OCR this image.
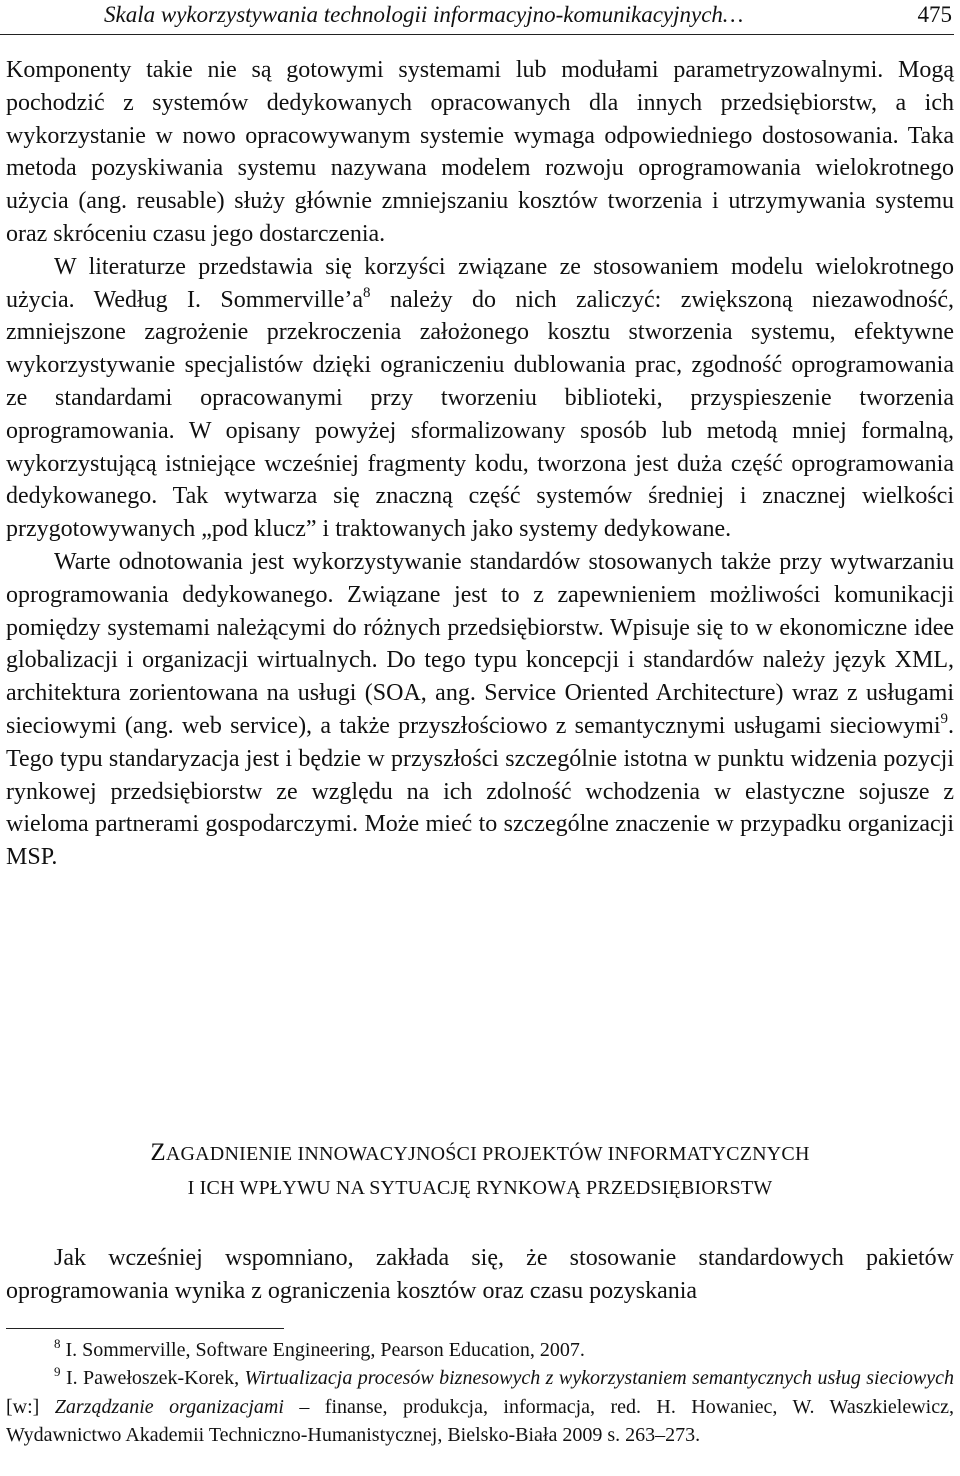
Skala wykorzystywania technologii informacyjno-komunikacyjnych…	475

Komponenty takie nie są gotowymi systemami lub modułami parametryzowalnymi. Mogą pochodzić z systemów dedykowanych opracowanych dla innych przedsiębiorstw, a ich wykorzystanie w nowo opracowywanym systemie wymaga odpowiedniego dostosowania. Taka metoda pozyskiwania systemu nazywana modelem rozwoju oprogramowania wielokrotnego użycia (ang. reusable) służy głównie zmniejszaniu kosztów tworzenia i utrzymywania systemu oraz skróceniu czasu jego dostarczenia.

W literaturze przedstawia się korzyści związane ze stosowaniem modelu wielokrotnego użycia. Według I. $Sommerville’a^8$ należy do nich zaliczyć: zwiększoną niezawodność, zmniejszone zagrożenie przekroczenia założonego kosztu stworzenia systemu, efektywne wykorzystywanie specjalistów dzięki ograniczeniu dublowania prac, zgodność oprogramowania ze standardami opracowanymi przy tworzeniu biblioteki, przyspieszenie tworzenia oprogramowania. W opisany powyżej sformalizowany sposób lub metodą mniej formalną, wykorzystującą istniejące wcześniej fragmenty kodu, tworzona jest duża część oprogramowania dedykowanego. Tak wytwarza się znaczną część systemów średniej i znacznej wielkości przygotowywanych „pod klucz” i traktowanych jako systemy dedykowane.

Warte odnotowania jest wykorzystywanie standardów stosowanych także przy wytwarzaniu oprogramowania dedykowanego. Związane jest to z zapewnieniem możliwości komunikacji pomiędzy systemami należącymi do różnych przedsiębiorstw. Wpisuje się to w ekonomiczne idee globalizacji i organizacji wirtualnych. Do tego typu koncepcji i standardów należy język XML, architektura zorientowana na usługi (SOA, ang. Service Oriented Architecture) wraz z usługami sieciowymi (ang. web service), a także przyszłościowo z semantycznymi usługami sieciowymi$^9$. Tego typu standaryzacja jest i będzie w przyszłości szczególnie istotna w punktu widzenia pozycji rynkowej przedsiębiorstw ze względu na ich zdolność wchodzenia w elastyczne sojusze z wieloma partnerami gospodarczymi. Może mieć to szczególne znaczenie w przypadku organizacji MSP.

ZAGADNIENIE INNOWACYJNOŚCI PROJEKTÓW INFORMATYCZNYCH
I ICH WPŁYWU NA SYTUACJĘ RYNKOWĄ PRZEDSIĘBIORSTW

Jak wcześniej wspomniano, zakłada się, że stosowanie standardowych pakietów oprogramowania wynika z ograniczenia kosztów oraz czasu pozyskania

$^8$ I. Sommerville, Software Engineering, Pearson Education, 2007.

$^9$ I. Pawełoszek-Korek, Wirtualizacja procesów biznesowych z wykorzystaniem semantycznych usług sieciowych [w:] Zarządzanie organizacjami – finanse, produkcja, informacja, red. H. Howaniec, W. Waszkielewicz, Wydawnictwo Akademii Techniczno-Humanistycznej, Bielsko-Biała 2009 s. 263–273.
